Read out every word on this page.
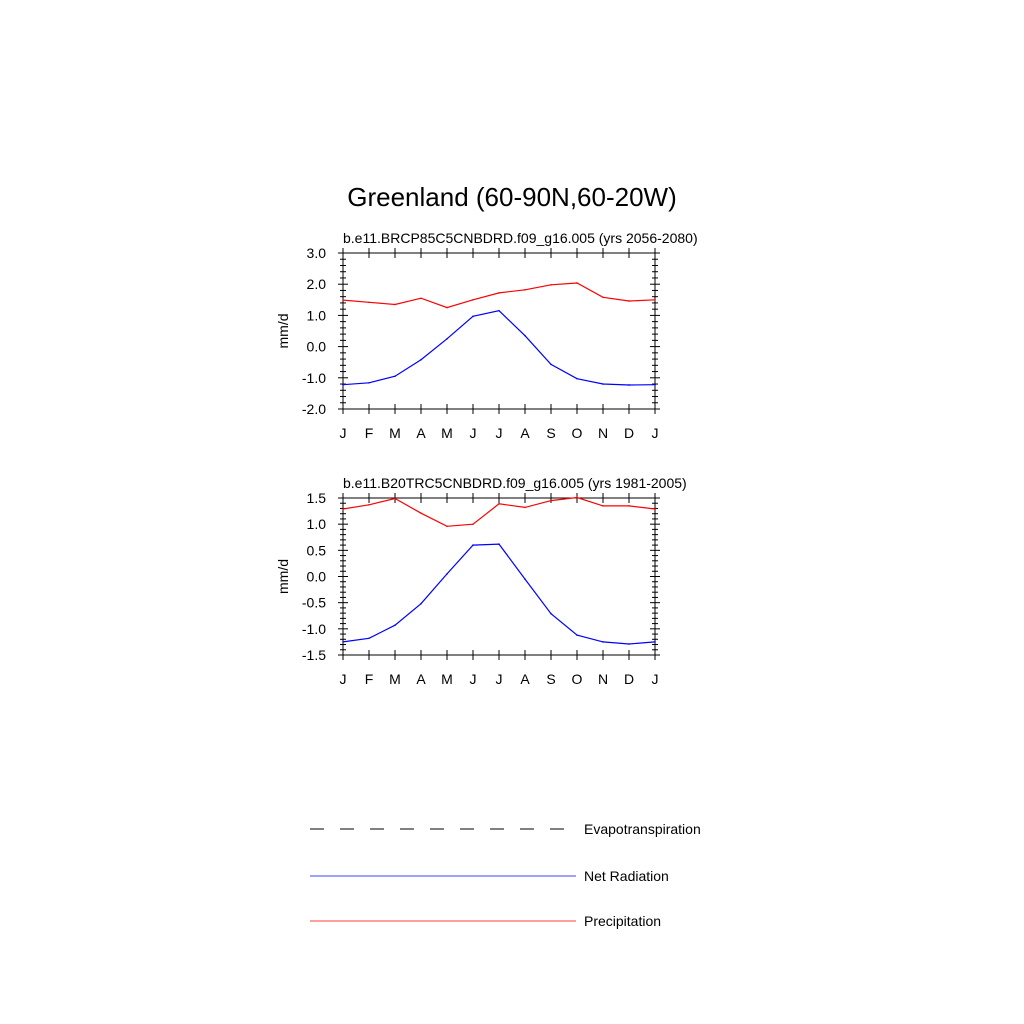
Greenland (60-90N,60-20W)
b.e11.BRCP85C5CNBDRD.f09_g16.005 (yrs 2056-2080)
-2.0
-1.0
0.0
1.0
2.0
3.0
J F M A M J J A S O N D J
mm/d
b.e11.B20TRC5CNBDRD.f09_g16.005 (yrs 1981-2005)
-1.5
-1.0
-0.5
0.0
0.5
1.0
1.5
J F M A M J J A S O N D J
mm/d
Evapotranspiration
Net Radiation
Precipitation
